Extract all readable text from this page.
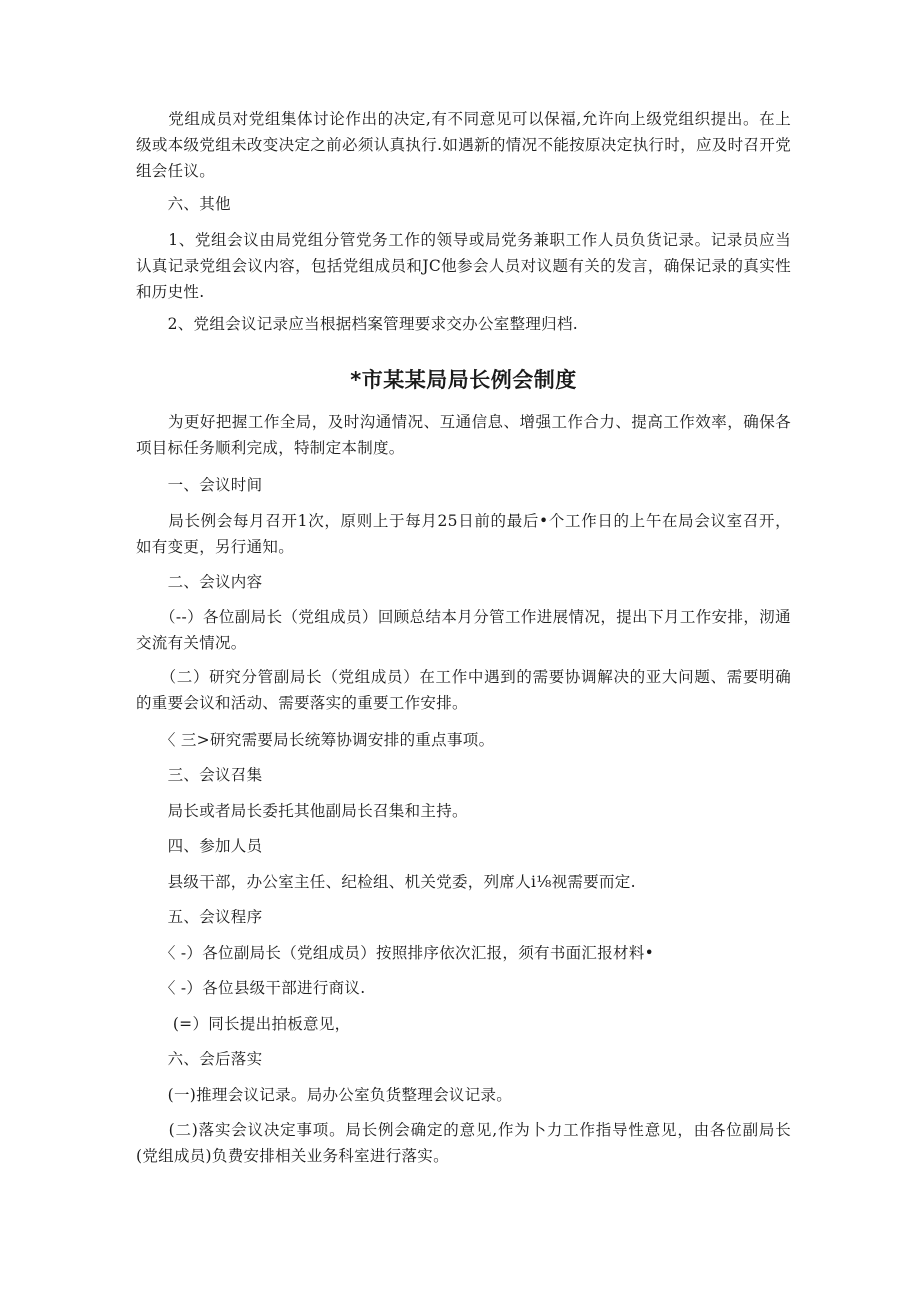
　　党组成员对党组集体讨论作出的决定,有不同意见可以保福,允许向上级党组织提出。在上级或本级党组未改变决定之前必须认真执行.如遇新的情况不能按原决定执行时，应及时召开党组会任议。

　　六、其他

　　1、党组会议由局党组分管党务工作的领导或局党务兼职工作人员负货记录。记录员应当认真记录党组会议内容，包括党组成员和JC他参会人员对议题有关的发言，确保记录的真实性和历史性.

　　2、党组会议记录应当根据档案管理要求交办公室整理归档.

*市某某局局长例会制度

　　为更好把握工作全局，及时沟通情况、互通信息、增强工作合力、提高工作效率，确保各项目标任务顺利完成，特制定本制度。

　　一、会议时间

　　局长例会每月召开1次，原则上于每月25日前的最后•个工作日的上午在局会议室召开，如有变更，另行通知。

　　二、会议内容

　　（--）各位副局长（党组成员）回顾总结本月分管工作进展情况，提出下月工作安排，沏通交流有关情况。

　　（二）研究分管副局长（党组成员）在工作中遇到的需要协调解决的亚大问题、需要明确的重要会议和活动、需要落实的重要工作安排。

　　〈 三>研究需要局长统筹协调安排的重点事项。

　　三、会议召集

　　局长或者局长委托其他副局长召集和主持。

　　四、参加人员

　　县级干部，办公室主任、纪检组、机关党委，列席人i⅛视需要而定.

　　五、会议程序

　　〈 -）各位副局长（党组成员）按照排序依次汇报，须有书面汇报材料•

　　〈 -）各位县级干部进行商议.

　　 (=）同长提出拍板意见，

　　六、会后落实

　　(一)推理会议记录。局办公室负货整理会议记录。

　　(二)落实会议决定事项。局长例会确定的意见,作为卜力工作指导性意见，由各位副局长(党组成员)负费安排相关业务科室进行落实。
